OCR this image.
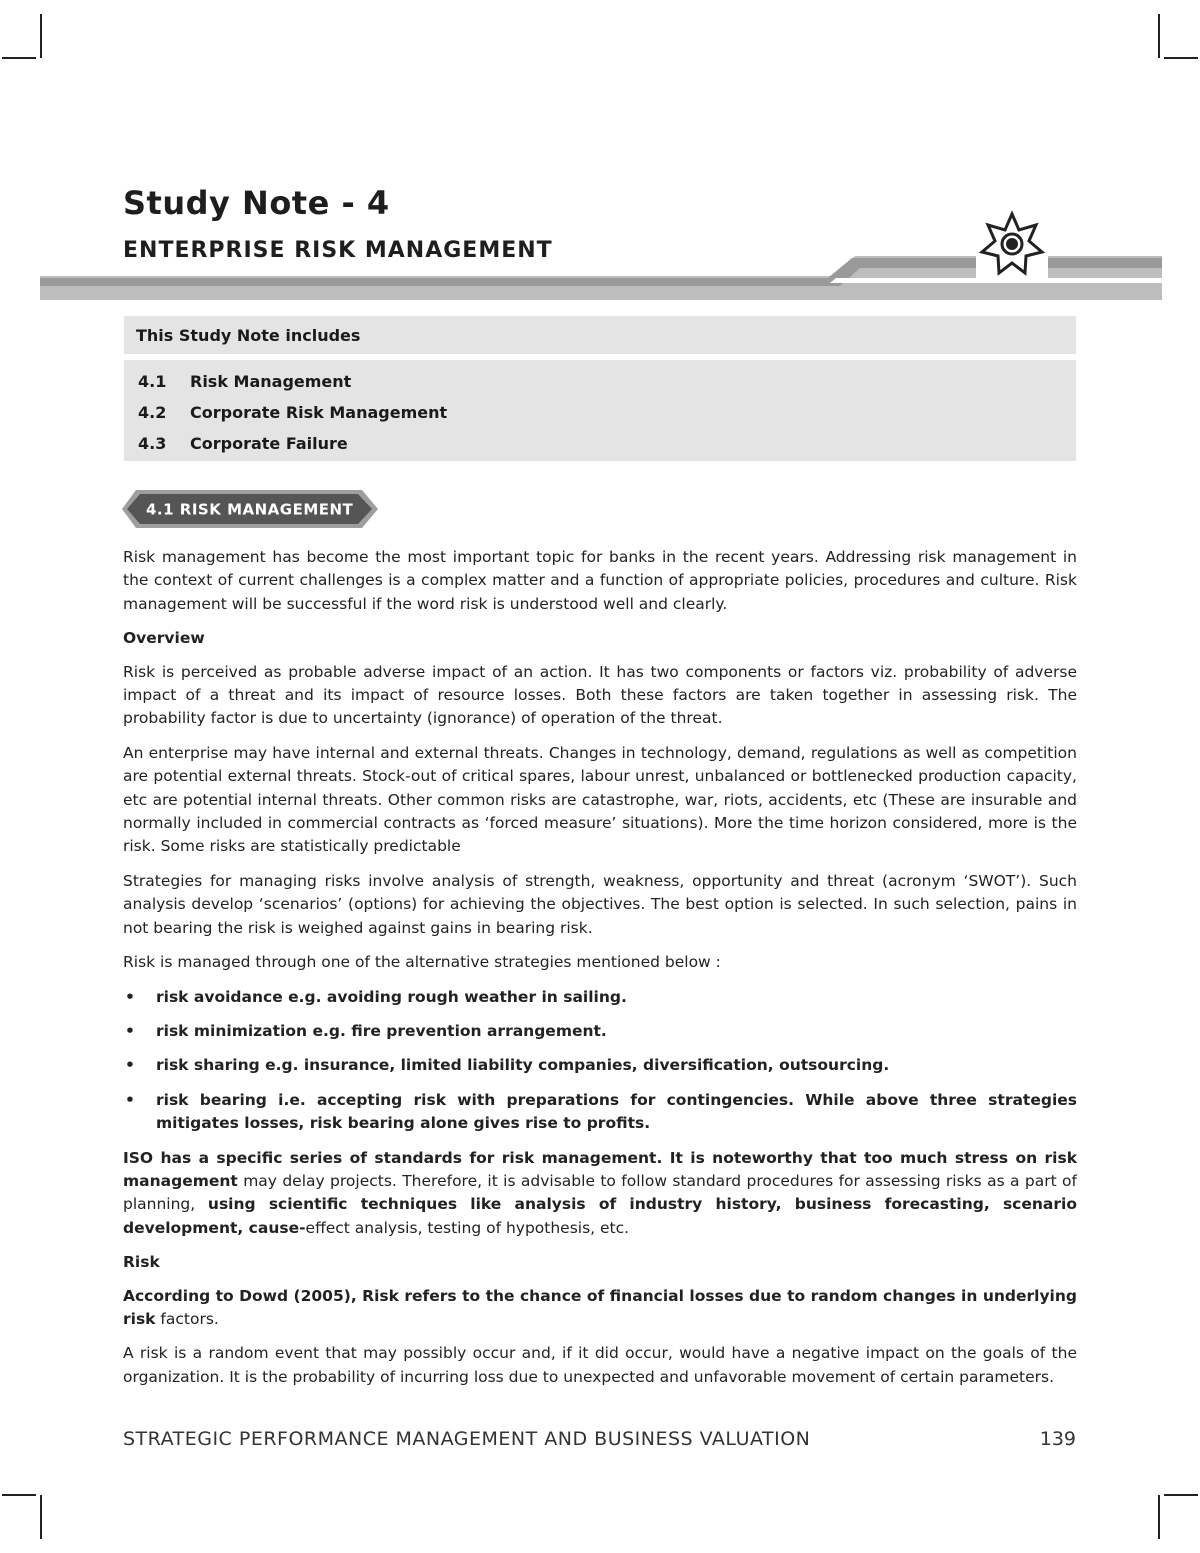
Study Note - 4
ENTERPRISE RISK MANAGEMENT
This Study Note includes
4.1	Risk Management
4.2	Corporate Risk Management
4.3	Corporate Failure
4.1 RISK MANAGEMENT

Risk management has become the most important topic for banks in the recent years. Addressing risk management in the context of current challenges is a complex matter and a function of appropriate policies, procedures and culture. Risk management will be successful if the word risk is understood well and clearly.

Overview

Risk is perceived as probable adverse impact of an action. It has two components or factors viz. probability of adverse impact of a threat and its impact of resource losses. Both these factors are taken together in assessing risk. The probability factor is due to uncertainty (ignorance) of operation of the threat.

An enterprise may have internal and external threats. Changes in technology, demand, regulations as well as competition are potential external threats. Stock-out of critical spares, labour unrest, unbalanced or bottlenecked production capacity, etc are potential internal threats. Other common risks are catastrophe, war, riots, accidents, etc (These are insurable and normally included in commercial contracts as ‘forced measure’ situations). More the time horizon considered, more is the risk. Some risks are statistically predictable

Strategies for managing risks involve analysis of strength, weakness, opportunity and threat (acronym ‘SWOT’). Such analysis develop ‘scenarios’ (options) for achieving the objectives. The best option is selected. In such selection, pains in not bearing the risk is weighed against gains in bearing risk.

Risk is managed through one of the alternative strategies mentioned below :

• risk avoidance e.g. avoiding rough weather in sailing.
• risk minimization e.g. fire prevention arrangement.
• risk sharing e.g. insurance, limited liability companies, diversification, outsourcing.
• risk bearing i.e. accepting risk with preparations for contingencies. While above three strategies mitigates losses, risk bearing alone gives rise to profits.

ISO has a specific series of standards for risk management. It is noteworthy that too much stress on risk management may delay projects. Therefore, it is advisable to follow standard procedures for assessing risks as a part of planning, using scientific techniques like analysis of industry history, business forecasting, scenario development, cause-effect analysis, testing of hypothesis, etc.

Risk

According to Dowd (2005), Risk refers to the chance of financial losses due to random changes in underlying risk factors.

A risk is a random event that may possibly occur and, if it did occur, would have a negative impact on the goals of the organization. It is the probability of incurring loss due to unexpected and unfavorable movement of certain parameters.

STRATEGIC PERFORMANCE MANAGEMENT AND BUSINESS VALUATION	139
